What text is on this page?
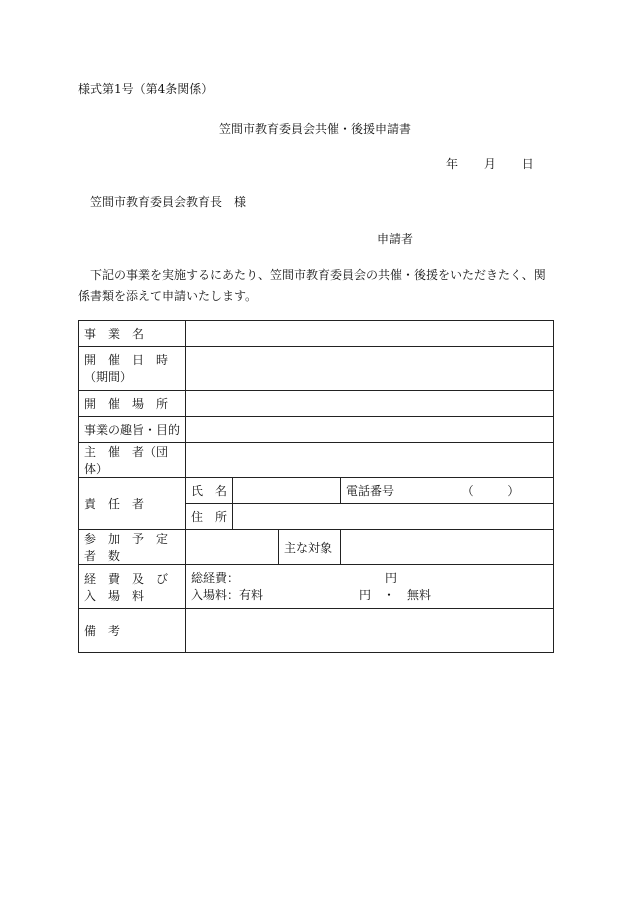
様式第1号（第4条関係）
笠間市教育委員会共催・後援申請書
年 月 日
笠間市教育委員会教育長　様
申請者
下記の事業を実施するにあたり、笠間市教育委員会の共催・後援をいただきたく、関係書類を添えて申請いたします。
事　業　名				

開　催　日　時
（期間）				

開　催　場　所				
事業の趣旨・目的				
主　催　者（団　体）				
責　任　者	氏　名			電話番号 （ ）
	住　所			
参　加　予　定　者　数			主な対象	
経　費　及　び　入　場　料	総経費： 円
入場料：有料 円　・　無料			

備　考				
